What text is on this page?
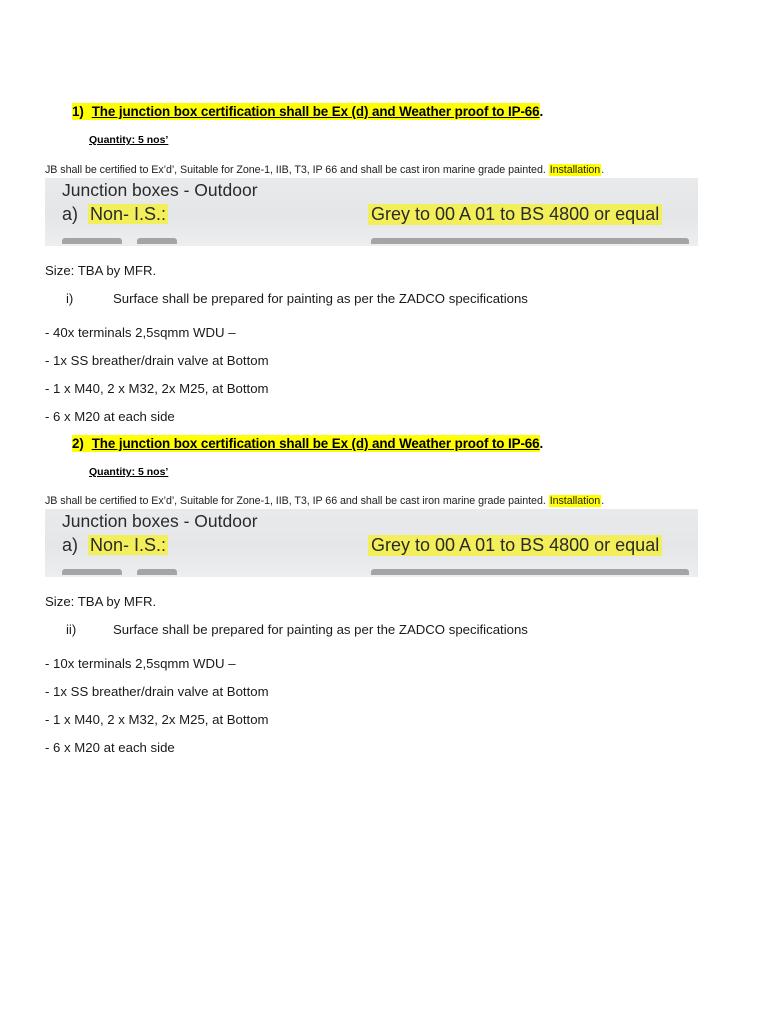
1) The junction box certification shall be Ex (d) and Weather proof to IP-66.
Quantity: 5 nos’
JB shall be certified to Ex’d’, Suitable for Zone-1, IIB, T3, IP 66 and shall be cast iron marine grade painted. Installation.
Junction boxes - Outdoor
a) Non- I.S.:	Grey to 00 A 01 to BS 4800 or equal
Size: TBA by MFR.
i)	Surface shall be prepared for painting as per the ZADCO specifications
- 40x terminals 2,5sqmm WDU –
- 1x SS breather/drain valve at Bottom
- 1 x M40, 2 x M32, 2x M25, at Bottom
- 6 x M20 at each side
2) The junction box certification shall be Ex (d) and Weather proof to IP-66.
Quantity: 5 nos’
JB shall be certified to Ex’d’, Suitable for Zone-1, IIB, T3, IP 66 and shall be cast iron marine grade painted. Installation.
Junction boxes - Outdoor
a) Non- I.S.:	Grey to 00 A 01 to BS 4800 or equal
Size: TBA by MFR.
ii)	Surface shall be prepared for painting as per the ZADCO specifications
- 10x terminals 2,5sqmm WDU –
- 1x SS breather/drain valve at Bottom
- 1 x M40, 2 x M32, 2x M25, at Bottom
- 6 x M20 at each side
